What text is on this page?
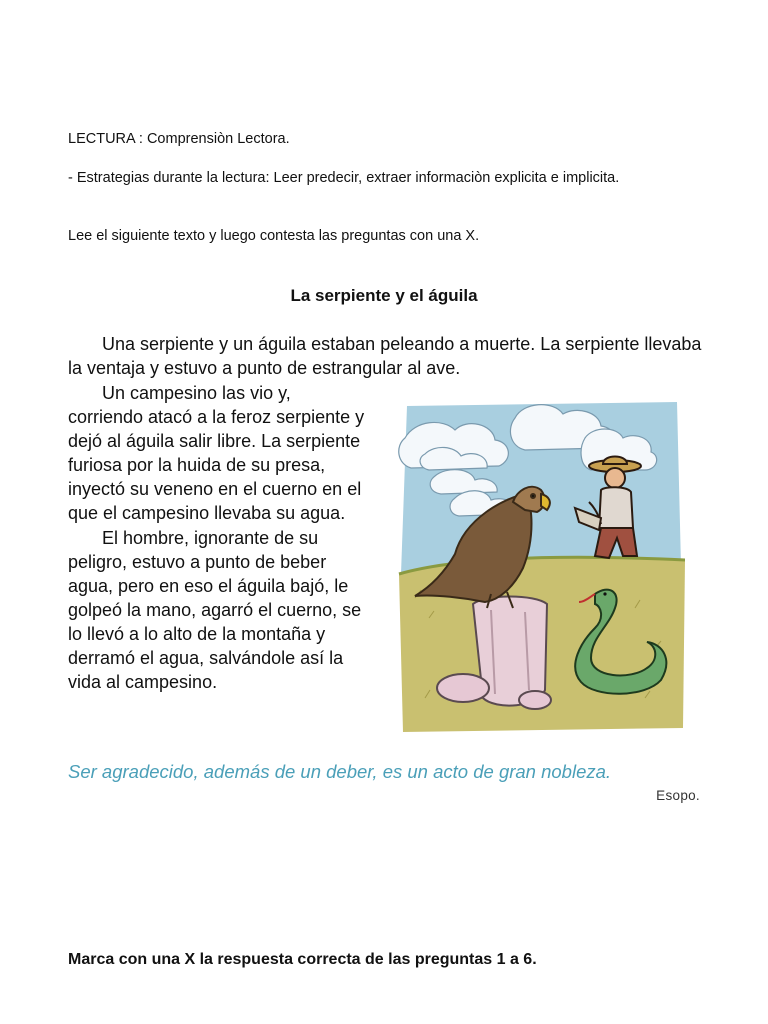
LECTURA : Comprensiòn Lectora.
- Estrategias durante la lectura: Leer predecir, extraer informaciòn explicita e implicita.
Lee el siguiente texto y luego contesta las preguntas con una X.
La serpiente y el águila
Una serpiente y un águila estaban peleando a muerte. La serpiente llevaba la ventaja y estuvo a punto de estrangular al ave.
Un campesino las vio y, corriendo atacó a la feroz serpiente y dejó al águila salir libre. La serpiente furiosa por la huida de su presa, inyectó su veneno en el cuerno en el que el campesino llevaba su agua.
El hombre, ignorante de su peligro, estuvo a punto de beber agua, pero en eso el águila bajó, le golpeó la mano, agarró el cuerno, se lo llevó a lo alto de la montaña y derramó el agua, salvándole así la vida al campesino.
Ser agradecido, además de un deber, es un acto de gran nobleza.
Esopo.
Marca con una X la respuesta correcta de las preguntas 1 a 6.
